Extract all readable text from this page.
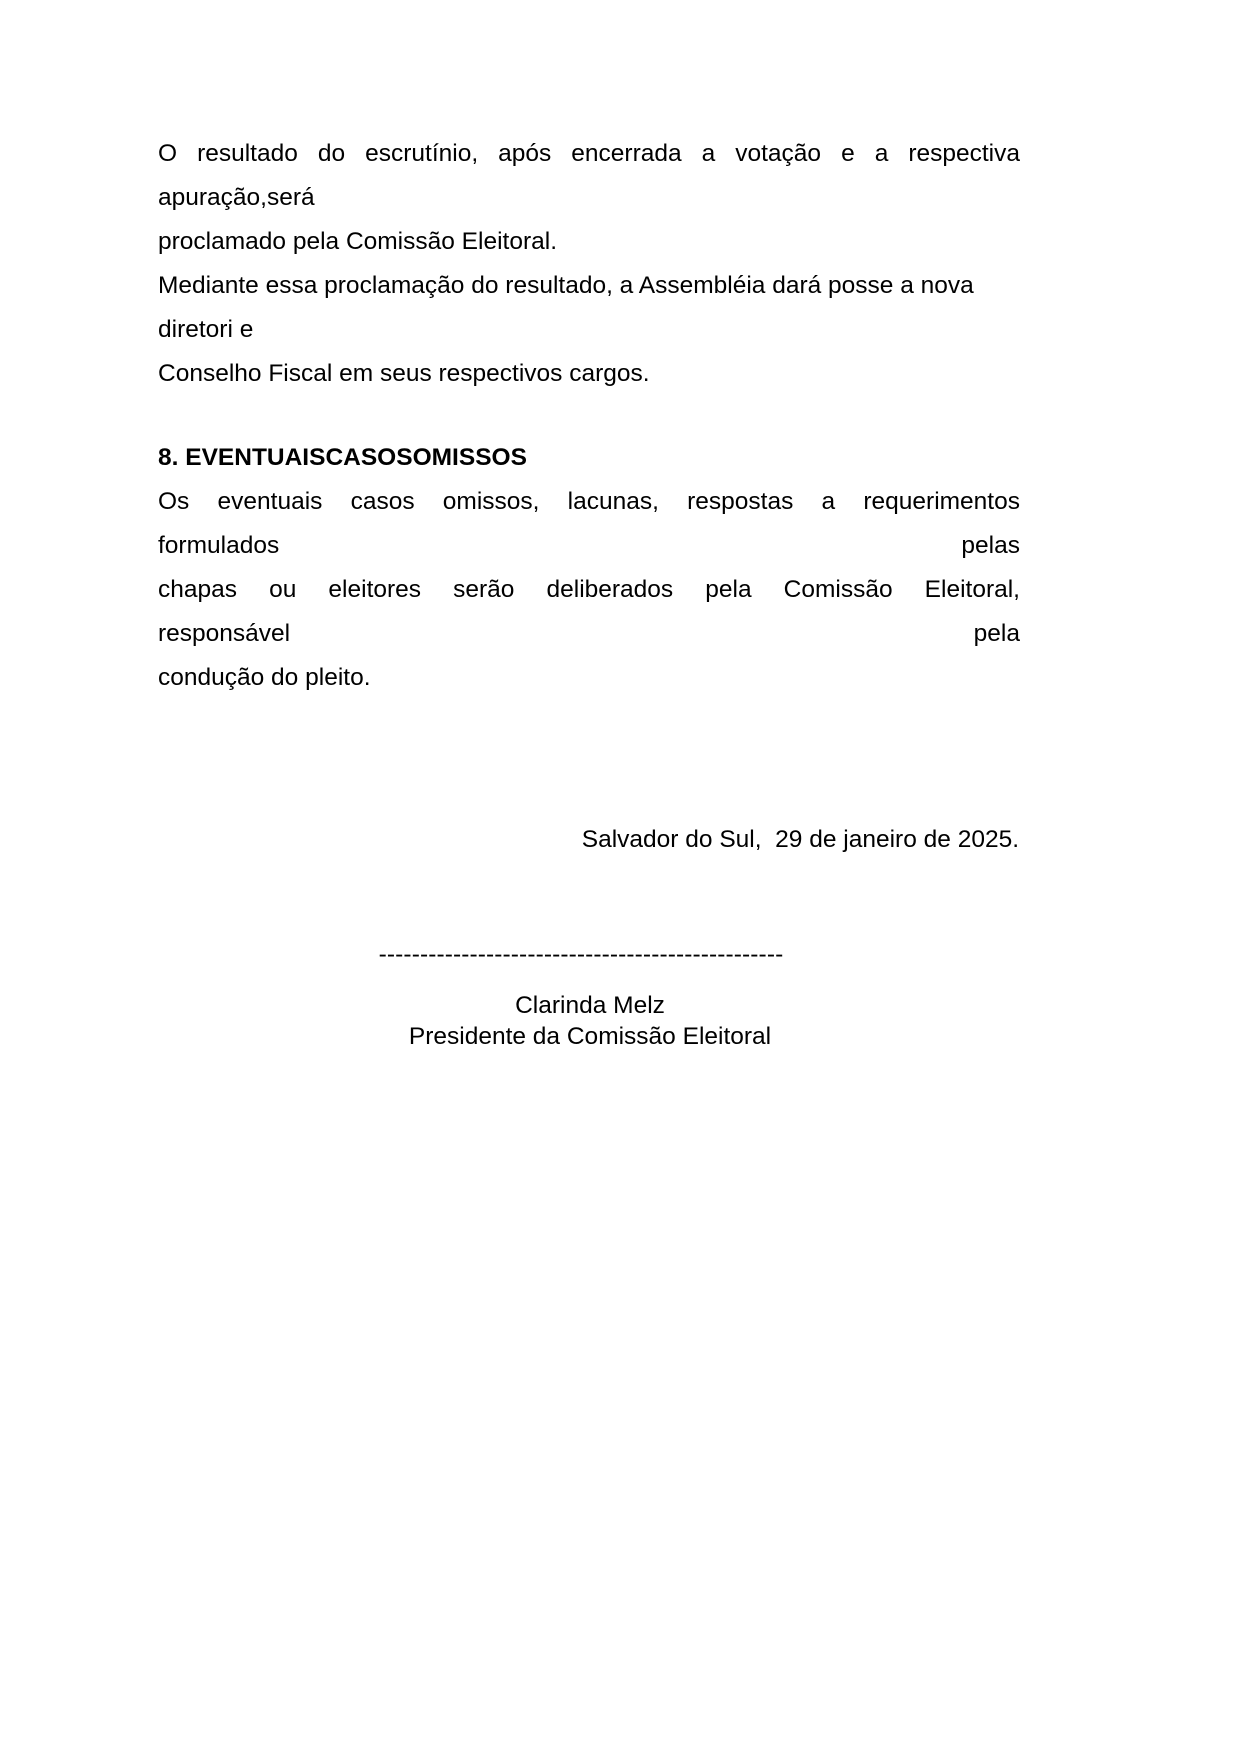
O  resultado  do  escrutínio,  após  encerrada  a  votação  e  a  respectiva  apuração,será
proclamado pela Comissão Eleitoral.
Mediante essa proclamação do resultado, a Assembléia dará posse a nova diretori e
Conselho Fiscal em seus respectivos cargos.
8. EVENTUAISCASOSOMISSOS
Os  eventuais  casos  omissos,  lacunas,  respostas  a  requerimentos  formulados  pelas
chapas  ou  eleitores  serão  deliberados  pela  Comissão  Eleitoral,  responsável  pela
condução do pleito.

Salvador do Sul,  29 de janeiro de 2025.

-------------------------------------------------

Clarinda Melz

Presidente da Comissão Eleitoral
